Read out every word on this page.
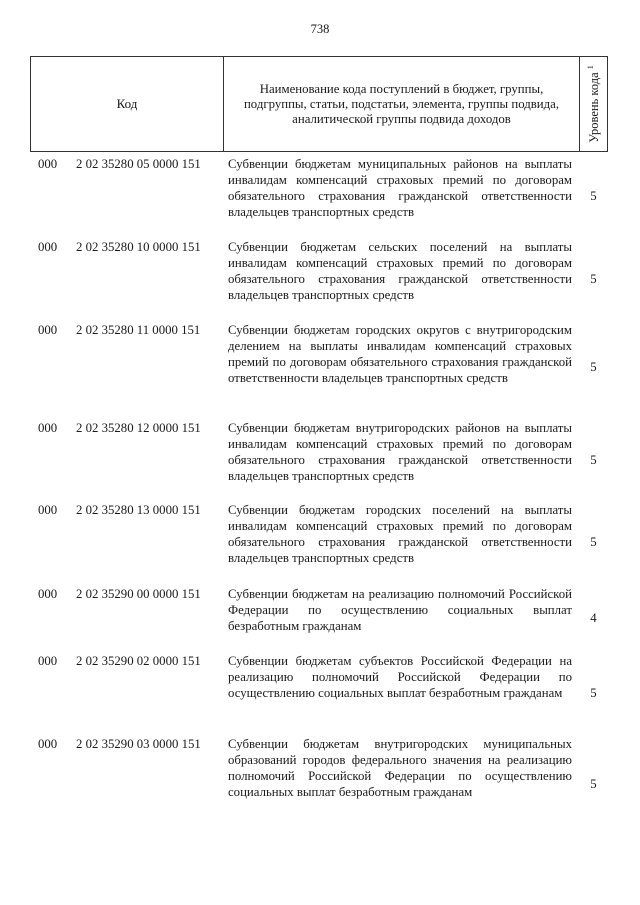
738
Код
Наименование кода поступлений в бюджет, группы, подгруппы, статьи, подстатьи, элемента, группы подвида, аналитической группы подвида доходов	Уровень кода $^1$
000 2 02 35280 05 0000 151 Субвенции бюджетам муниципальных районов на выплаты инвалидам компенсаций страховых премий по договорам обязательного страхования гражданской ответственности владельцев транспортных средств
5
000 2 02 35280 10 0000 151 Субвенции бюджетам сельских поселений на выплаты инвалидам компенсаций страховых премий по договорам обязательного страхования гражданской ответственности владельцев транспортных средств
5
000 2 02 35280 11 0000 151 Субвенции бюджетам городских округов с внутригородским делением на выплаты инвалидам компенсаций страховых премий по договорам обязательного страхования гражданской ответственности владельцев транспортных средств
5
000 2 02 35280 12 0000 151 Субвенции бюджетам внутригородских районов на выплаты инвалидам компенсаций страховых премий по договорам обязательного страхования гражданской ответственности владельцев транспортных средств
5
000 2 02 35280 13 0000 151 Субвенции бюджетам городских поселений на выплаты инвалидам компенсаций страховых премий по договорам обязательного страхования гражданской ответственности владельцев транспортных средств
5
000 2 02 35290 00 0000 151 Субвенции бюджетам на реализацию полномочий Российской Федерации по осуществлению социальных выплат безработным гражданам
4
000 2 02 35290 02 0000 151 Субвенции бюджетам субъектов Российской Федерации на реализацию полномочий Российской Федерации по осуществлению социальных выплат безработным гражданам	5
000 2 02 35290 03 0000 151 Субвенции бюджетам внутригородских муниципальных образований городов федерального значения на реализацию полномочий Российской Федерации по осуществлению социальных выплат безработным гражданам
5
